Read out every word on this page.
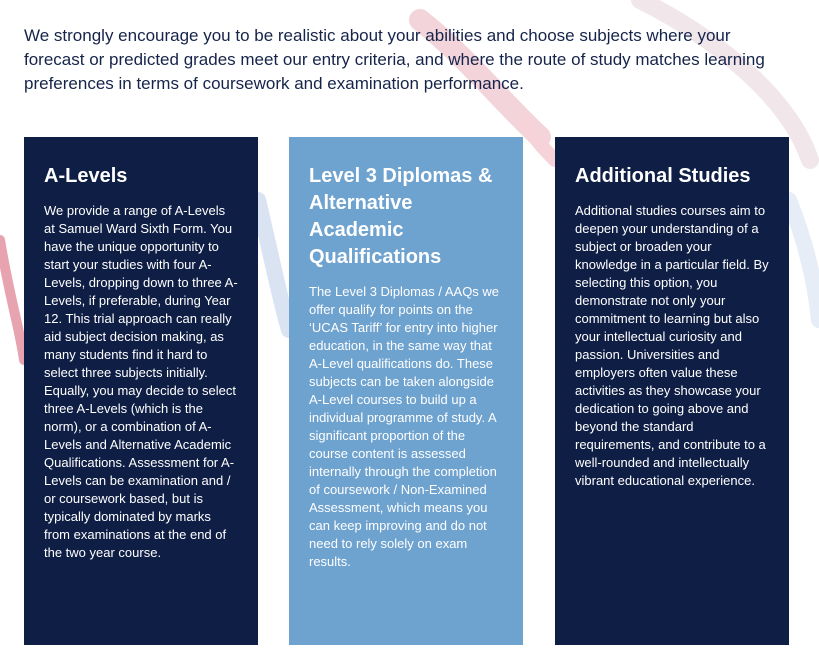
We strongly encourage you to be realistic about your abilities and choose subjects where your forecast or predicted grades meet our entry criteria, and where the route of study matches learning preferences in terms of coursework and examination performance.

A-Levels

We provide a range of A-Levels at Samuel Ward Sixth Form. You have the unique opportunity to start your studies with four A-Levels, dropping down to three A-Levels, if preferable, during Year 12. This trial approach can really aid subject decision making, as many students find it hard to select three subjects initially. Equally, you may decide to select three A-Levels (which is the norm), or a combination of A-Levels and Alternative Academic Qualifications. Assessment for A-Levels can be examination and / or coursework based, but is typically dominated by marks from examinations at the end of the two year course.

Level 3 Diplomas & Alternative Academic Qualifications

The Level 3 Diplomas / AAQs we offer qualify for points on the ‘UCAS Tariff’ for entry into higher education, in the same way that A-Level qualifications do. These subjects can be taken alongside A-Level courses to build up a individual programme of study. A significant proportion of the course content is assessed internally through the completion of coursework / Non-Examined Assessment, which means you can keep improving and do not need to rely solely on exam results.

Additional Studies

Additional studies courses aim to deepen your understanding of a subject or broaden your knowledge in a particular field. By selecting this option, you demonstrate not only your commitment to learning but also your intellectual curiosity and passion. Universities and employers often value these activities as they showcase your dedication to going above and beyond the standard requirements, and contribute to a well-rounded and intellectually vibrant educational experience.
